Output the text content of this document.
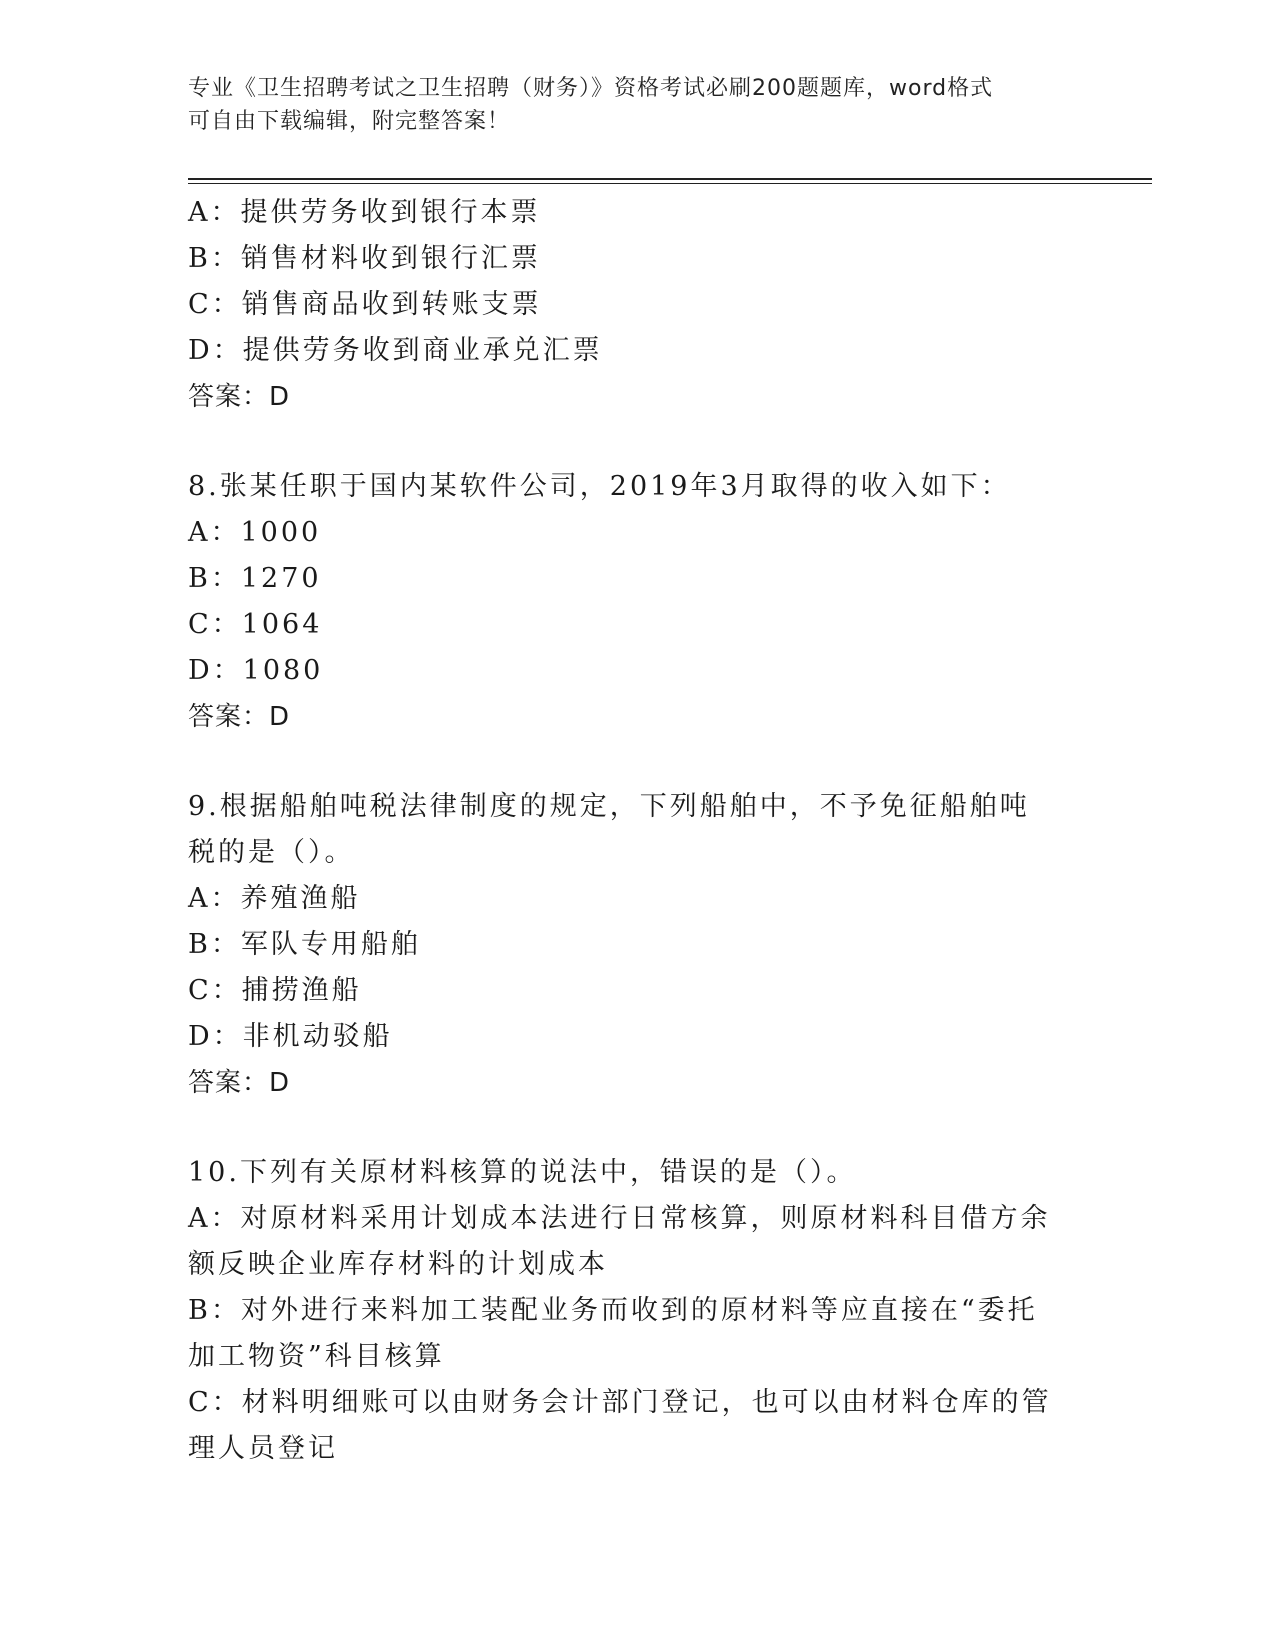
专业《卫生招聘考试之卫生招聘（财务）》资格考试必刷200题题库，word格式
可自由下载编辑，附完整答案！
A：提供劳务收到银行本票
B：销售材料收到银行汇票
C：销售商品收到转账支票
D：提供劳务收到商业承兑汇票
答案：D
8.张某任职于国内某软件公司，2019年3月取得的收入如下：
A：1000
B：1270
C：1064
D：1080
答案：D
9.根据船舶吨税法律制度的规定，下列船舶中，不予免征船舶吨税的是（）。
A：养殖渔船
B：军队专用船舶
C：捕捞渔船
D：非机动驳船
答案：D
10.下列有关原材料核算的说法中，错误的是（）。
A：对原材料采用计划成本法进行日常核算，则原材料科目借方余额反映企业库存材料的计划成本
B：对外进行来料加工装配业务而收到的原材料等应直接在“委托加工物资”科目核算
C：材料明细账可以由财务会计部门登记，也可以由材料仓库的管理人员登记
